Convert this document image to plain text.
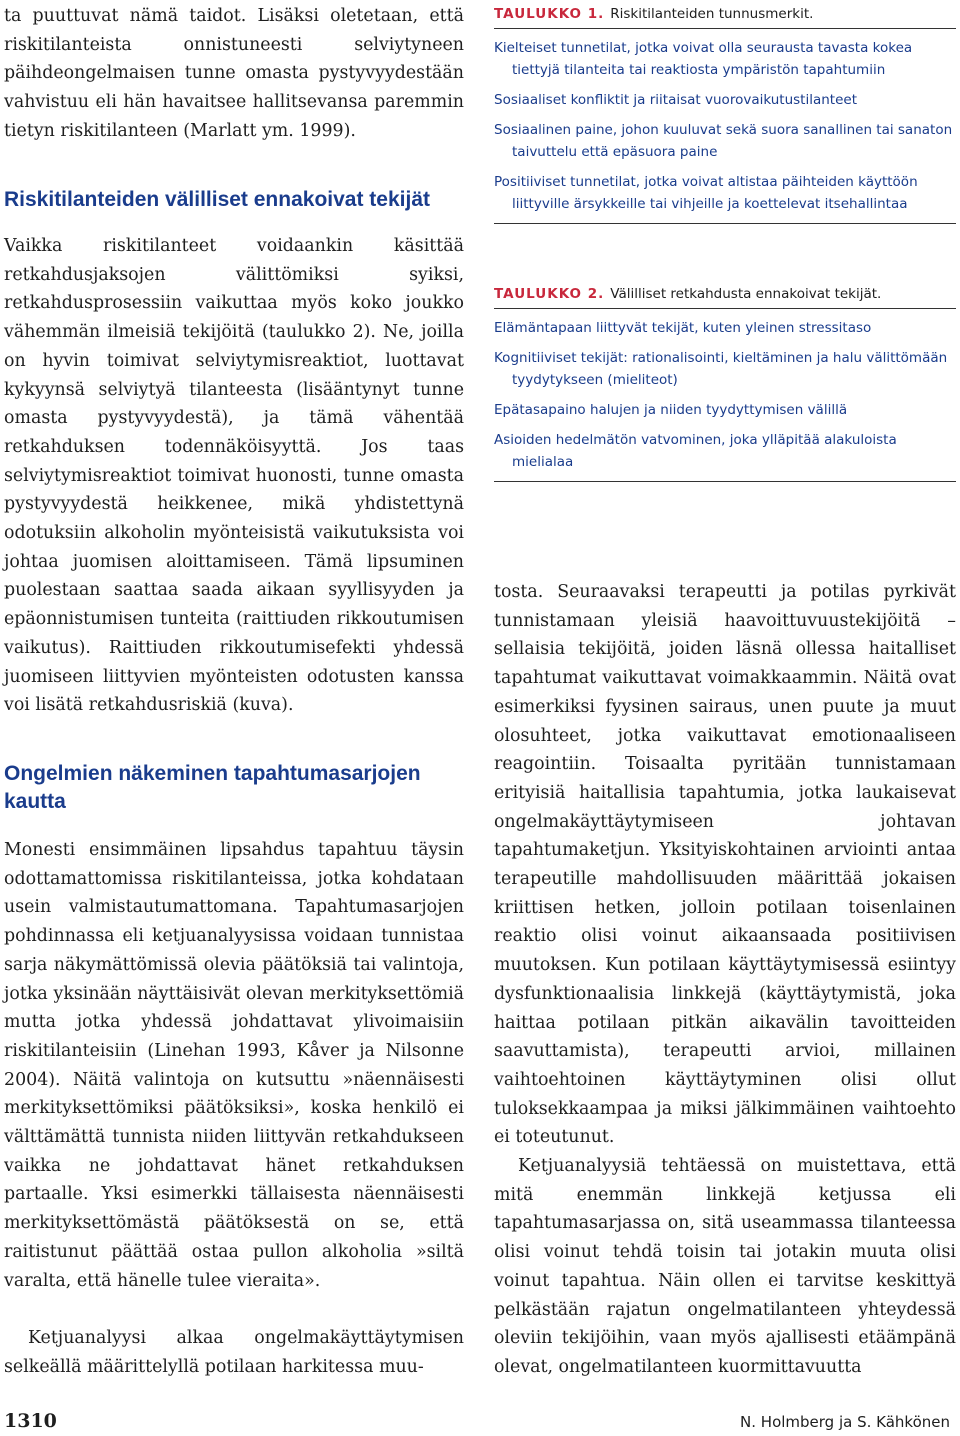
ta puuttuvat nämä taidot. Lisäksi oletetaan, että riskitilanteista onnistuneesti selviytyneen päihdeongelmaisen tunne omasta pystyvyydestään vahvistuu eli hän havaitsee hallitsevansa paremmin tietyn riskitilanteen (Marlatt ym. 1999).

Riskitilanteiden välilliset ennakoivat tekijät

Vaikka riskitilanteet voidaankin käsittää retkahdusjaksojen välittömiksi syiksi, retkahdusprosessiin vaikuttaa myös koko joukko vähemmän ilmeisiä tekijöitä (taulukko 2). Ne, joilla on hyvin toimivat selviytymisreaktiot, luottavat kykyynsä selviytyä tilanteesta (lisääntynyt tunne omasta pystyvyydestä), ja tämä vähentää retkahduksen todennäköisyyttä. Jos taas selviytymisreaktiot toimivat huonosti, tunne omasta pystyvyydestä heikkenee, mikä yhdistettynä odotuksiin alkoholin myönteisistä vaikutuksista voi johtaa juomisen aloittamiseen. Tämä lipsuminen puolestaan saattaa saada aikaan syyllisyyden ja epäonnistumisen tunteita (raittiuden rikkoutumisen vaikutus). Raittiuden rikkoutumisefekti yhdessä juomiseen liittyvien myönteisten odotusten kanssa voi lisätä retkahdusriskiä (kuva).

Ongelmien näkeminen tapahtumasarjojen kautta

Monesti ensimmäinen lipsahdus tapahtuu täysin odottamattomissa riskitilanteissa, jotka kohdataan usein valmistautumattomana. Tapahtumasarjojen pohdinnassa eli ketjuanalyysissa voidaan tunnistaa sarja näkymättömissä olevia päätöksiä tai valintoja, jotka yksinään näyttäisivät olevan merkityksettömiä mutta jotka yhdessä johdattavat ylivoimaisiin riskitilanteisiin (Linehan 1993, Kåver ja Nilsonne 2004). Näitä valintoja on kutsuttu »näennäisesti merkityksettömiksi päätöksiksi», koska henkilö ei välttämättä tunnista niiden liittyvän retkahdukseen vaikka ne johdattavat hänet retkahduksen partaalle. Yksi esimerkki tällaisesta näennäisesti merkityksettömästä päätöksestä on se, että raitistunut päättää ostaa pullon alkoholia »siltä varalta, että hänelle tulee vieraita».

Ketjuanalyysi alkaa ongelmakäyttäytymisen selkeällä määrittelyllä potilaan harkitessa muu-

TAULUKKO 1. Riskitilanteiden tunnusmerkit.

Kielteiset tunnetilat, jotka voivat olla seurausta tavasta kokea tiettyjä tilanteita tai reaktiosta ympäristön tapahtumiin

Sosiaaliset konfliktit ja riitaisat vuorovaikutustilanteet

Sosiaalinen paine, johon kuuluvat sekä suora sanallinen tai sanaton taivuttelu että epäsuora paine

Positiiviset tunnetilat, jotka voivat altistaa päihteiden käyttöön liittyville ärsykkeille tai vihjeille ja koettelevat itsehallintaa

TAULUKKO 2. Välilliset retkahdusta ennakoivat tekijät.

Elämäntapaan liittyvät tekijät, kuten yleinen stressitaso

Kognitiiviset tekijät: rationalisointi, kieltäminen ja halu välittömään tyydytykseen (mieliteot)

Epätasapaino halujen ja niiden tyydyttymisen välillä

Asioiden hedelmätön vatvominen, joka ylläpitää alakuloista mielialaa

tosta. Seuraavaksi terapeutti ja potilas pyrkivät tunnistamaan yleisiä haavoittuvuustekijöitä – sellaisia tekijöitä, joiden läsnä ollessa haitalliset tapahtumat vaikuttavat voimakkaammin. Näitä ovat esimerkiksi fyysinen sairaus, unen puute ja muut olosuhteet, jotka vaikuttavat emotionaaliseen reagointiin. Toisaalta pyritään tunnistamaan erityisiä haitallisia tapahtumia, jotka laukaisevat ongelmakäyttäytymiseen johtavan tapahtumaketjun. Yksityiskohtainen arviointi antaa terapeutille mahdollisuuden määrittää jokaisen kriittisen hetken, jolloin potilaan toisenlainen reaktio olisi voinut aikaansaada positiivisen muutoksen. Kun potilaan käyttäytymisessä esiintyy dysfunktionaalisia linkkejä (käyttäytymistä, joka haittaa potilaan pitkän aikavälin tavoitteiden saavuttamista), terapeutti arvioi, millainen vaihtoehtoinen käyttäytyminen olisi ollut tuloksekkaampaa ja miksi jälkimmäinen vaihtoehto ei toteutunut.

Ketjuanalyysiä tehtäessä on muistettava, että mitä enemmän linkkejä ketjussa eli tapahtumasarjassa on, sitä useammassa tilanteessa olisi voinut tehdä toisin tai jotakin muuta olisi voinut tapahtua. Näin ollen ei tarvitse keskittyä pelkästään rajatun ongelmatilanteen yhteydessä oleviin tekijöihin, vaan myös ajallisesti etäämpänä olevat, ongelmatilanteen kuormittavuutta

1310	N. Holmberg ja S. Kähkönen
